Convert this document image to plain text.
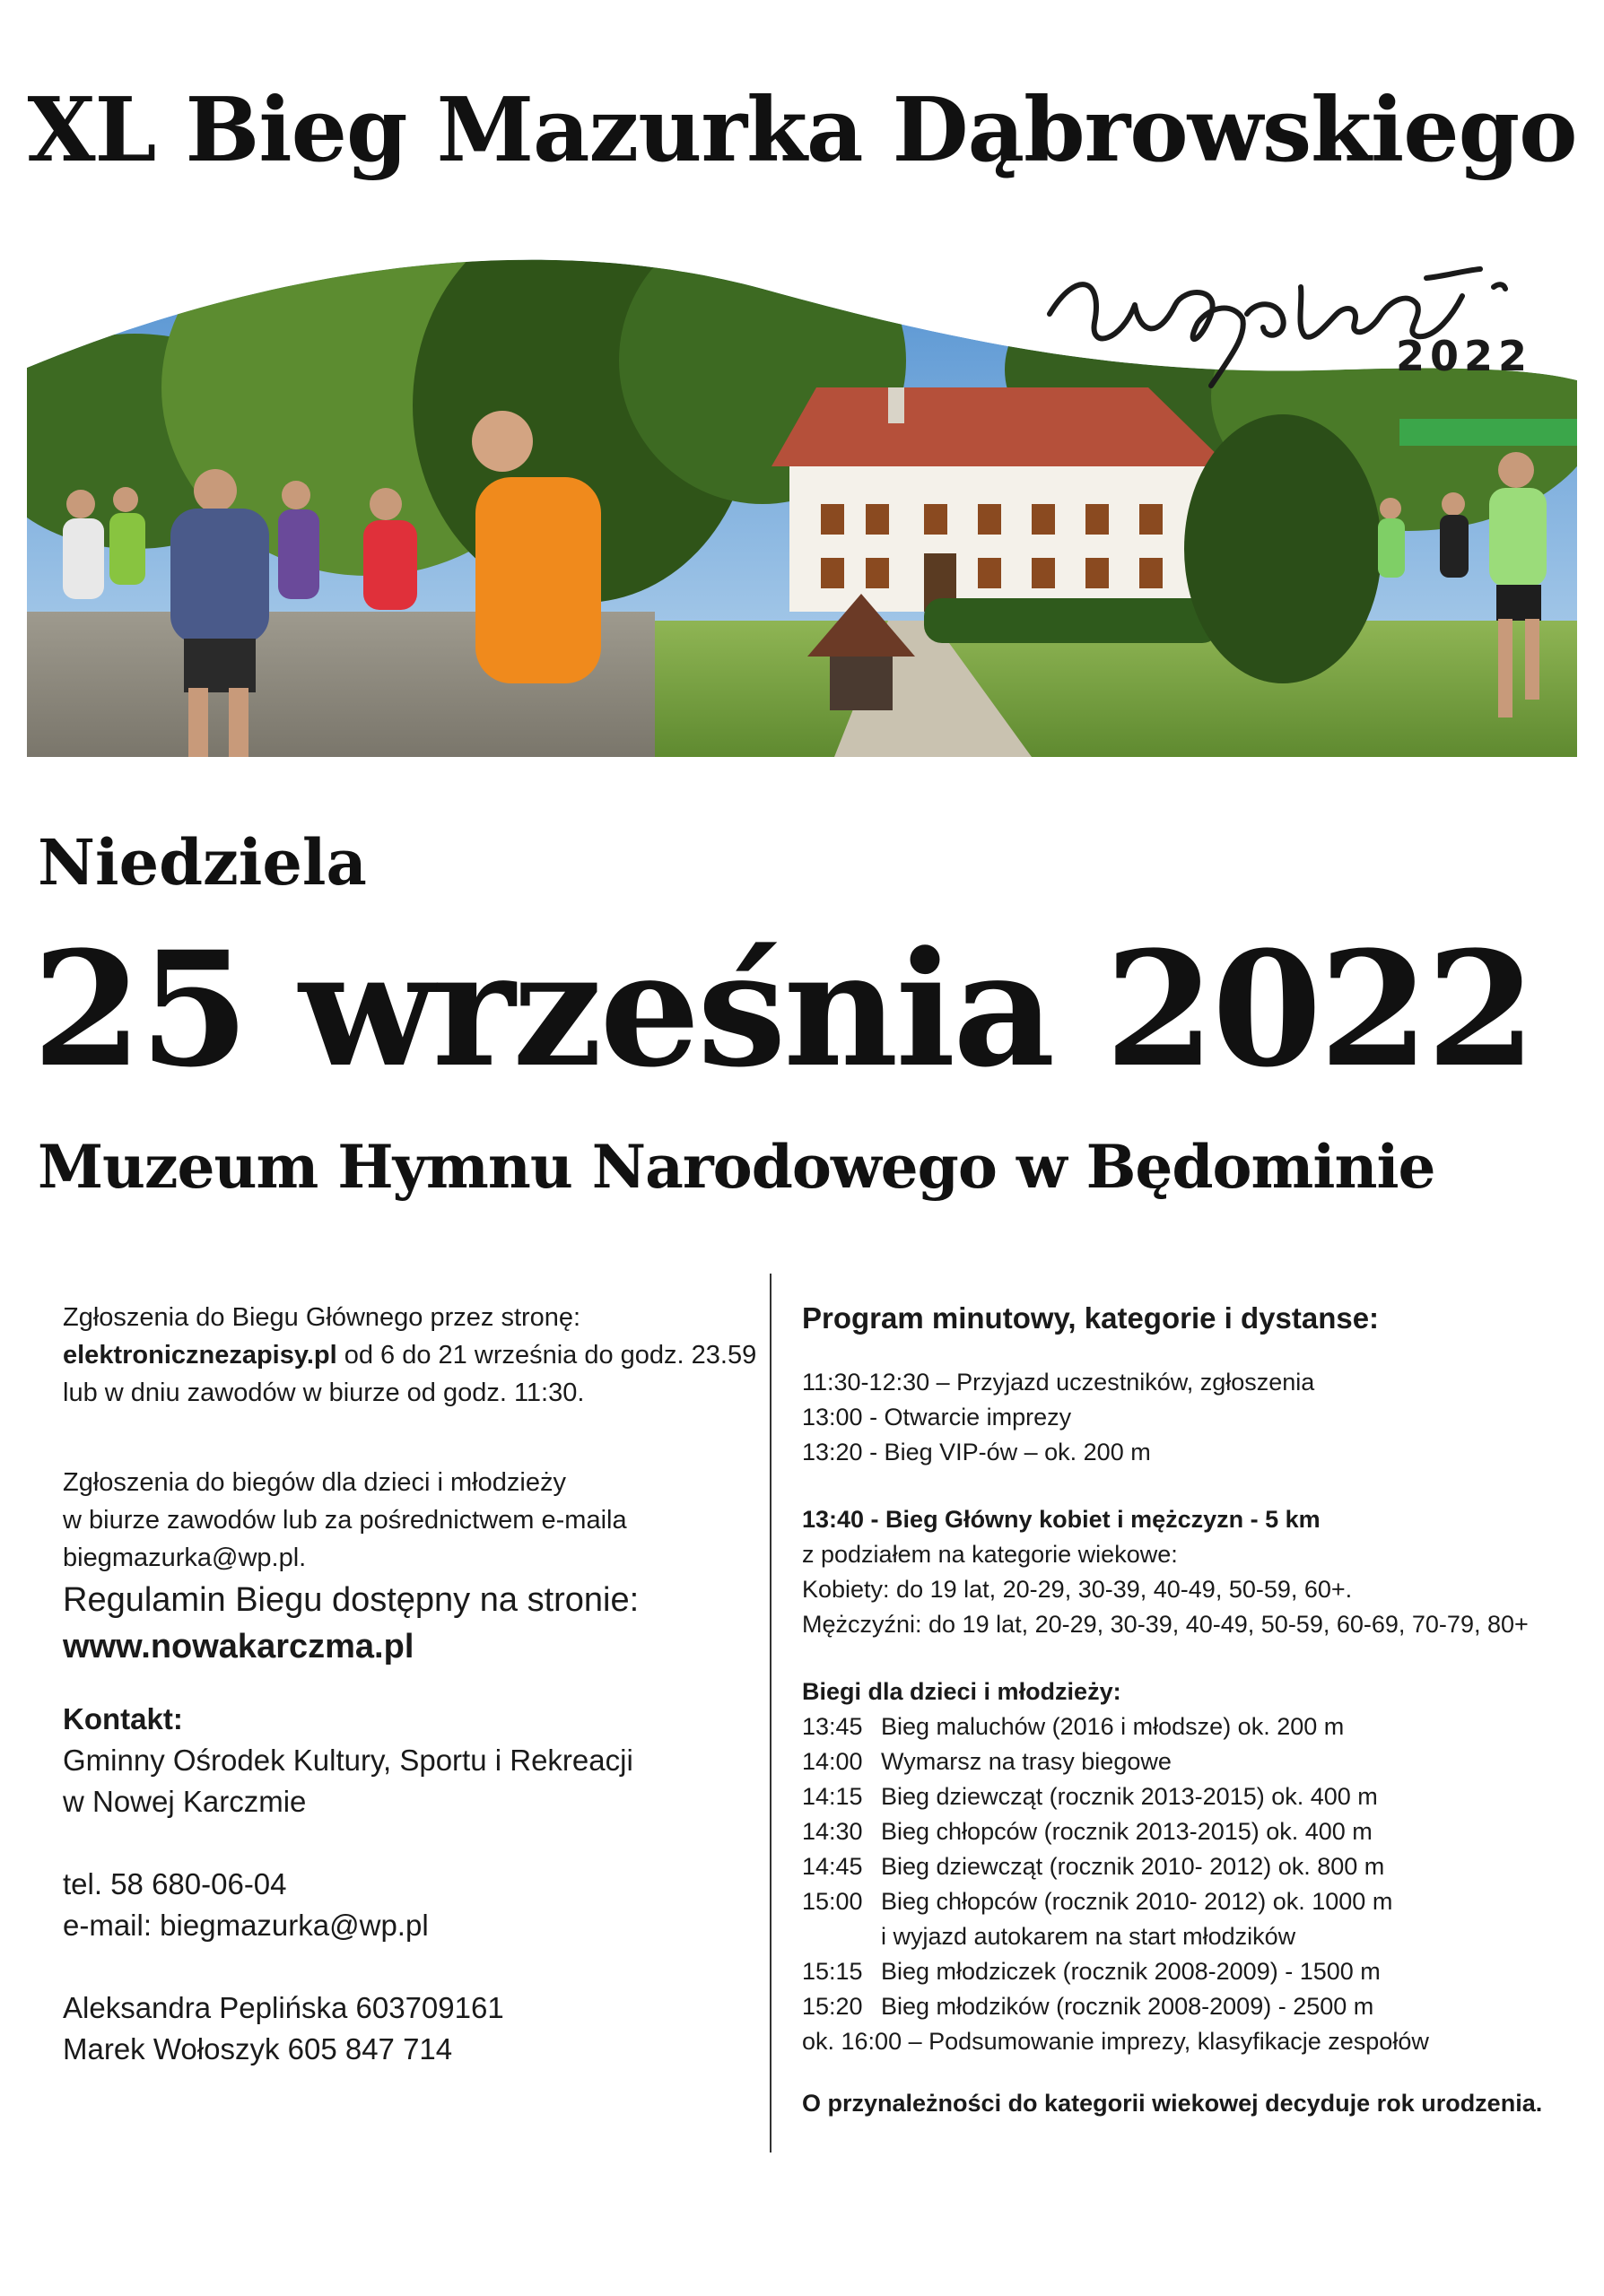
XL Bieg Mazurka Dąbrowskiego
2022
Niedziela
25 września 2022
Muzeum Hymnu Narodowego w Będominie

Zgłoszenia do Biegu Głównego przez stronę:

elektronicznezapisy.pl od 6 do 21 września do godz. 23.59

lub w dniu zawodów w biurze od godz. 11:30.

Zgłoszenia do biegów dla dzieci i młodzieży

w biurze zawodów lub za pośrednictwem e-maila

biegmazurka@wp.pl.

Regulamin Biegu dostępny na stronie:

www.nowakarczma.pl

Kontakt:

Gminny Ośrodek Kultury, Sportu i Rekreacji

w Nowej Karczmie

tel. 58 680-06-04

e-mail: biegmazurka@wp.pl

Aleksandra Peplińska 603709161

Marek Wołoszyk 605 847 714

Program minutowy, kategorie i dystanse:

11:30-12:30 – Przyjazd uczestników, zgłoszenia

13:00 - Otwarcie imprezy

13:20 - Bieg VIP-ów – ok. 200 m

13:40 - Bieg Główny kobiet i mężczyzn - 5 km

z podziałem na kategorie wiekowe:

Kobiety: do 19 lat, 20-29, 30-39, 40-49, 50-59, 60+.

Mężczyźni: do 19 lat, 20-29, 30-39, 40-49, 50-59, 60-69, 70-79, 80+

Biegi dla dzieci i młodzieży:

13:45 Bieg maluchów (2016 i młodsze) ok. 200 m

14:00 Wymarsz na trasy biegowe

14:15 Bieg dziewcząt (rocznik 2013-2015) ok. 400 m

14:30 Bieg chłopców (rocznik 2013-2015) ok. 400 m

14:45 Bieg dziewcząt (rocznik 2010- 2012) ok. 800 m

15:00 Bieg chłopców (rocznik 2010- 2012) ok. 1000 m

i wyjazd autokarem na start młodzików

15:15 Bieg młodziczek (rocznik 2008-2009) - 1500 m

15:20 Bieg młodzików (rocznik 2008-2009) - 2500 m

ok. 16:00 – Podsumowanie imprezy, klasyfikacje zespołów

O przynależności do kategorii wiekowej decyduje rok urodzenia.
